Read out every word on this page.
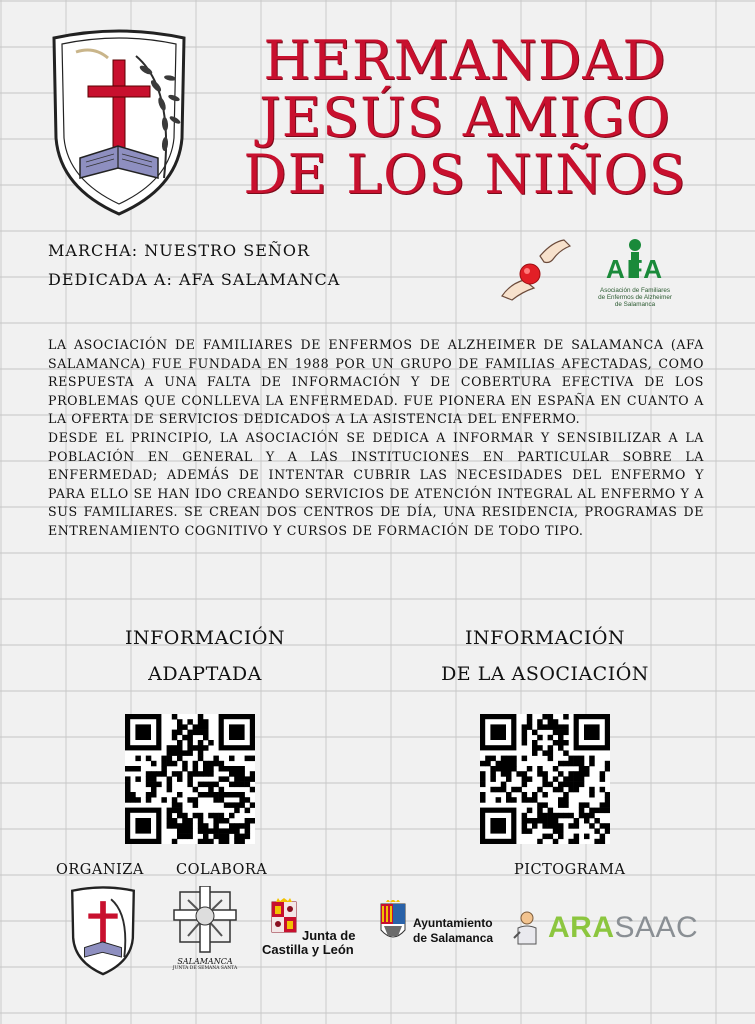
HERMANDAD
JESÚS AMIGO
DE LOS NIÑOS
MARCHA: NUESTRO SEÑOR
DEDICADA A: AFA SALAMANCA	AFA
Asociación de Familiares
de Enfermos de Alzheimer
de Salamanca

LA ASOCIACIÓN DE FAMILIARES DE ENFERMOS DE ALZHEIMER DE SALAMANCA (AFA SALAMANCA) FUE FUNDADA EN 1988 POR UN GRUPO DE FAMILIAS AFECTADAS, COMO RESPUESTA A UNA FALTA DE INFORMACIÓN Y DE COBERTURA EFECTIVA DE LOS PROBLEMAS QUE CONLLEVA LA ENFERMEDAD. FUE PIONERA EN ESPAÑA EN CUANTO A LA OFERTA DE SERVICIOS DEDICADOS A LA ASISTENCIA DEL ENFERMO.

DESDE EL PRINCIPIO, LA ASOCIACIÓN SE DEDICA A INFORMAR Y SENSIBILIZAR A LA POBLACIÓN EN GENERAL Y A LAS INSTITUCIONES EN PARTICULAR SOBRE LA ENFERMEDAD; ADEMÁS DE INTENTAR CUBRIR LAS NECESIDADES DEL ENFERMO Y PARA ELLO SE HAN IDO CREANDO SERVICIOS DE ATENCIÓN INTEGRAL AL ENFERMO Y A SUS FAMILIARES. SE CREAN DOS CENTROS DE DÍA, UNA RESIDENCIA, PROGRAMAS DE ENTRENAMIENTO COGNITIVO Y CURSOS DE FORMACIÓN DE TODO TIPO.

INFORMACIÓN
ADAPTADA
INFORMACIÓN
DE LA ASOCIACIÓN
ORGANIZA COLABORA	PICTOGRAMA
SALAMANCA
JUNTA DE SEMANA SANTA
Junta de
Castilla y León
Ayuntamiento
de Salamanca ARASAAC
